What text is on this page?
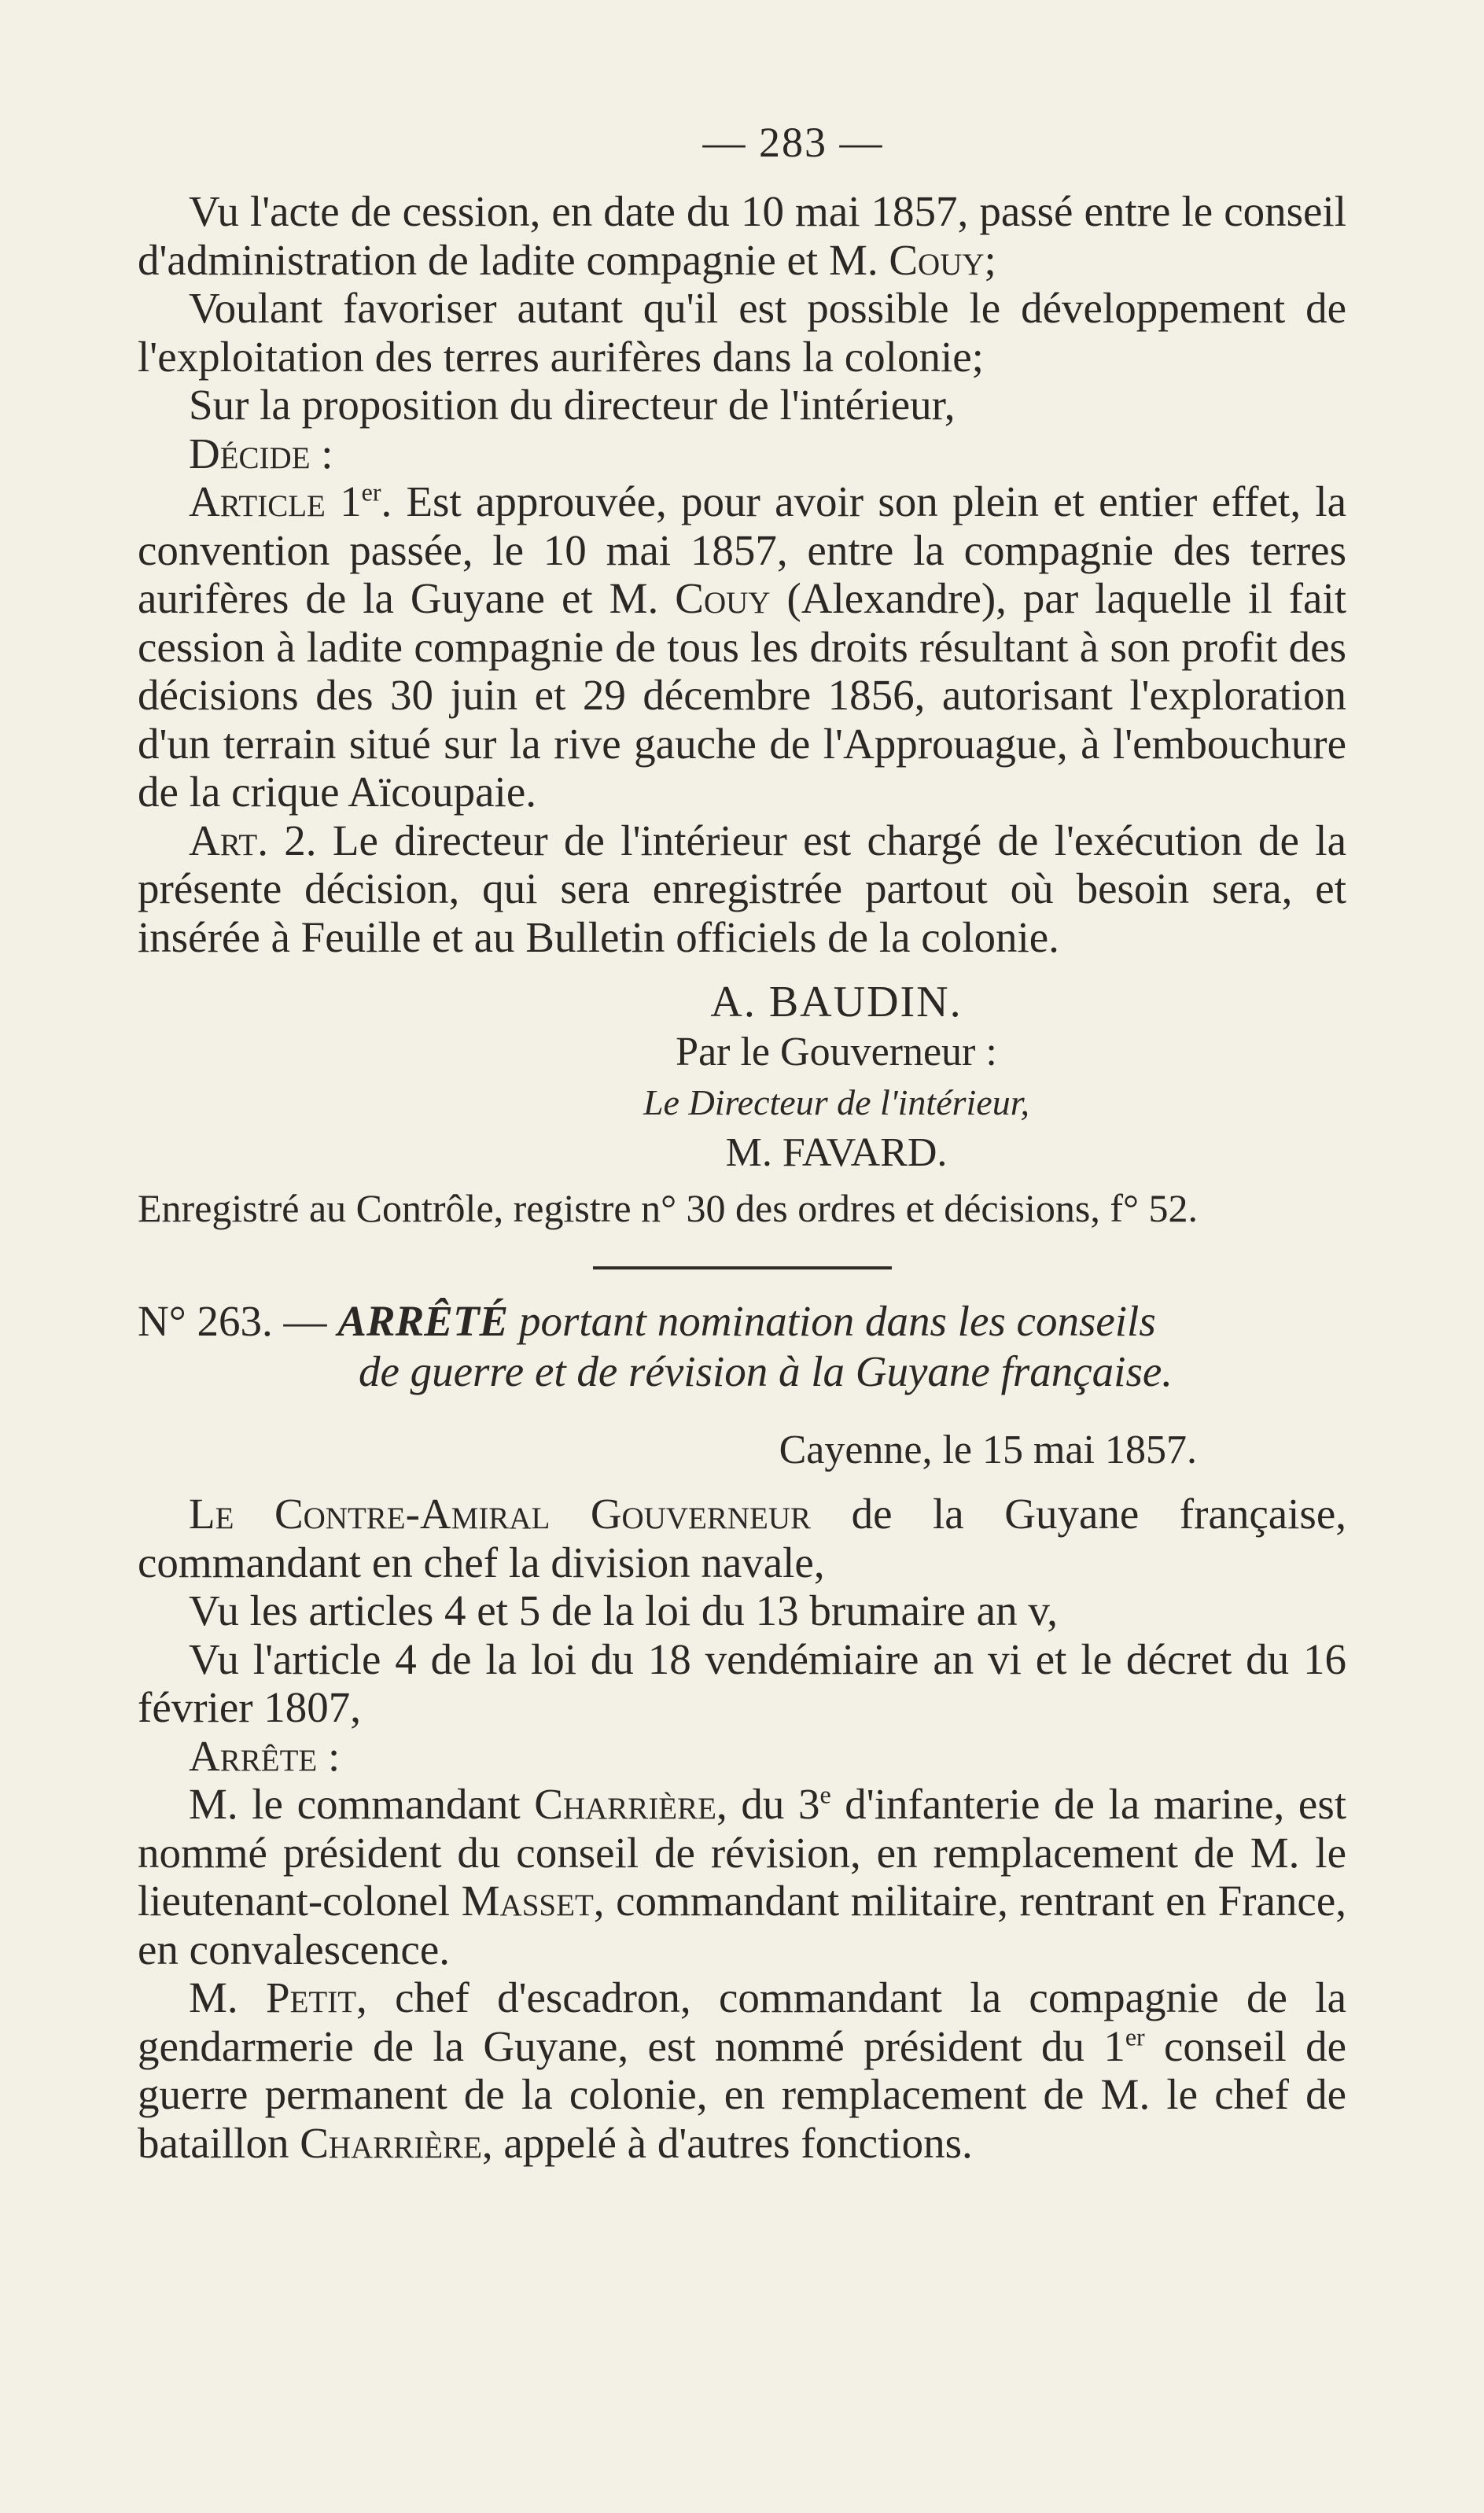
— 283 —

Vu l'acte de cession, en date du 10 mai 1857, passé entre le conseil d'administration de ladite compagnie et M. Couy;

Voulant favoriser autant qu'il est possible le développement de l'exploitation des terres aurifères dans la colonie;

Sur la proposition du directeur de l'intérieur,

Décide :

Article 1er. Est approuvée, pour avoir son plein et entier effet, la convention passée, le 10 mai 1857, entre la compagnie des terres aurifères de la Guyane et M. Couy (Alexandre), par laquelle il fait cession à ladite compagnie de tous les droits résultant à son profit des décisions des 30 juin et 29 décembre 1856, autorisant l'exploration d'un terrain situé sur la rive gauche de l'Approuague, à l'embouchure de la crique Aïcoupaie.

Art. 2. Le directeur de l'intérieur est chargé de l'exécution de la présente décision, qui sera enregistrée partout où besoin sera, et insérée à Feuille et au Bulletin officiels de la colonie.

A. BAUDIN.
Par le Gouverneur :
Le Directeur de l'intérieur,
M. FAVARD.
Enregistré au Contrôle, registre n° 30 des ordres et décisions, f° 52.
N° 263. — ARRÊTÉ portant nomination dans les conseils
de guerre et de révision à la Guyane française.
Cayenne, le 15 mai 1857.

Le Contre-Amiral Gouverneur de la Guyane française, commandant en chef la division navale,

Vu les articles 4 et 5 de la loi du 13 brumaire an v,

Vu l'article 4 de la loi du 18 vendémiaire an vi et le décret du 16 février 1807,

Arrête :

M. le commandant Charrière, du 3e d'infanterie de la marine, est nommé président du conseil de révision, en remplacement de M. le lieutenant-colonel Masset, commandant militaire, rentrant en France, en convalescence.

M. Petit, chef d'escadron, commandant la compagnie de la gendarmerie de la Guyane, est nommé président du 1er conseil de guerre permanent de la colonie, en remplacement de M. le chef de bataillon Charrière, appelé à d'autres fonctions.
